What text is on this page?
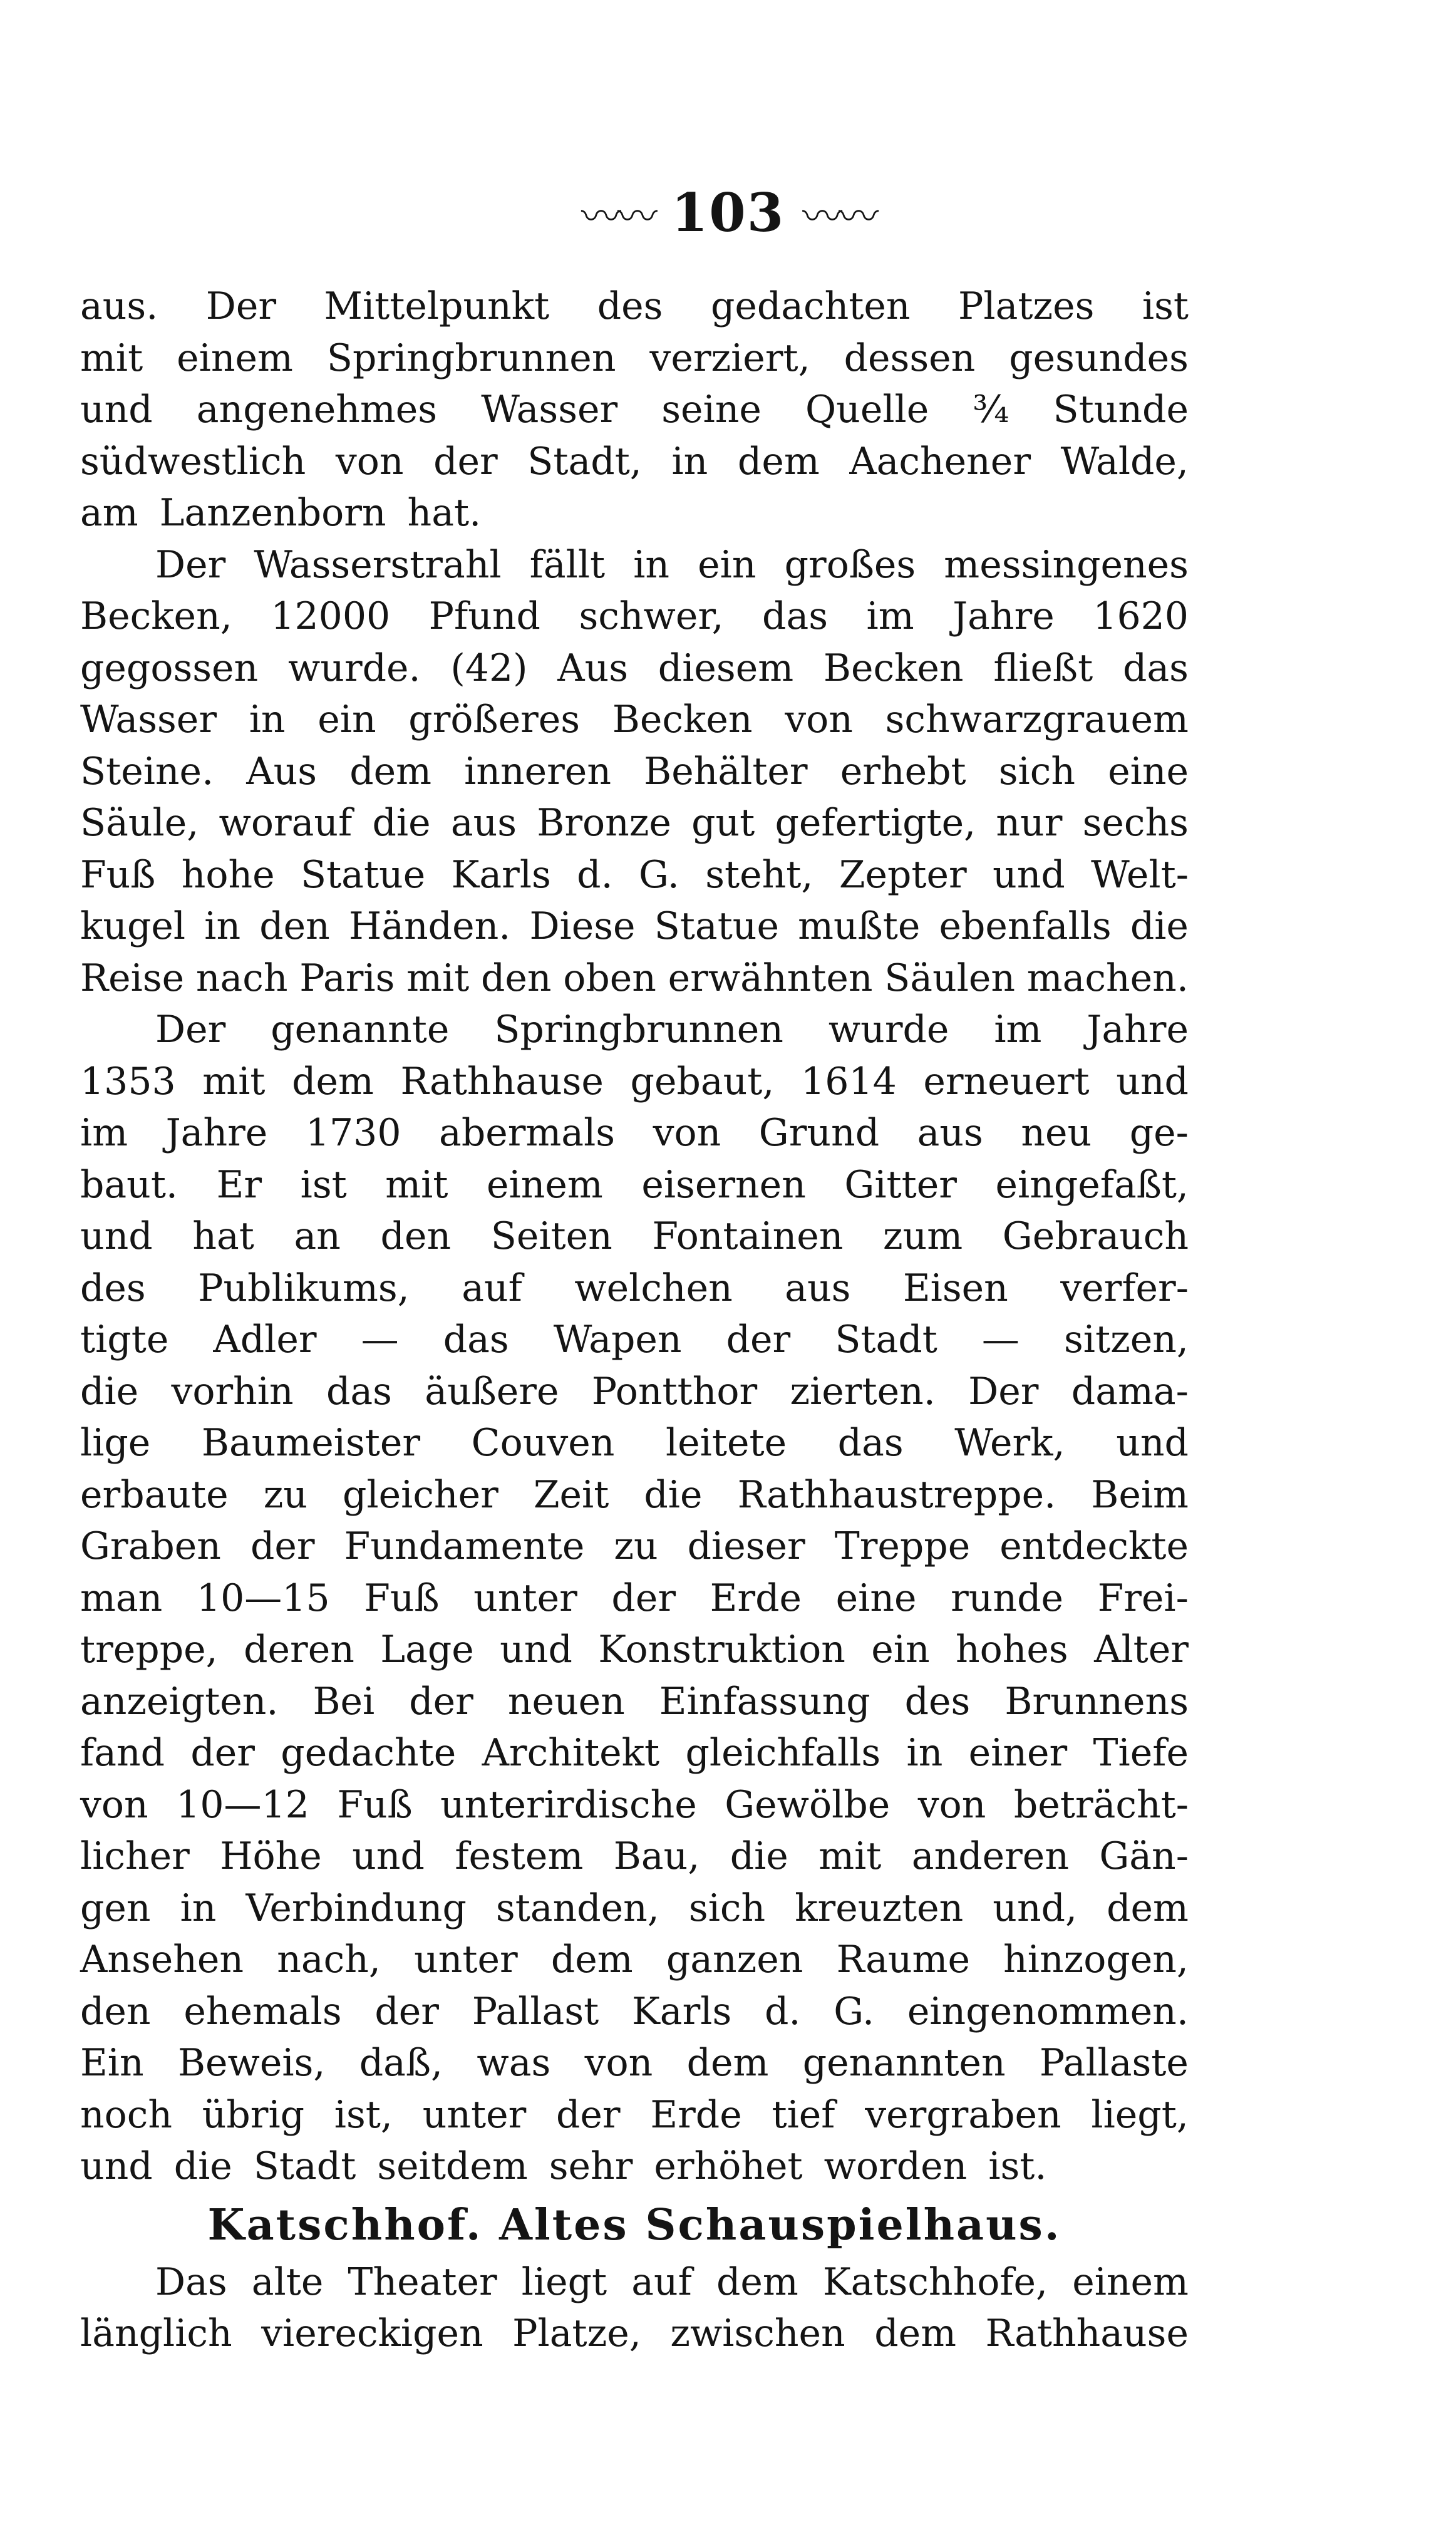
〰〰 103 〰〰
aus. Der Mittelpunkt des gedachten Platzes ist
mit einem Springbrunnen verziert, dessen gesundes
und angenehmes Wasser seine Quelle ¾ Stunde
südwestlich von der Stadt, in dem Aachener Walde,
am Lanzenborn hat.
Der Wasserstrahl fällt in ein großes messingenes
Becken, 12000 Pfund schwer, das im Jahre 1620
gegossen wurde. (42) Aus diesem Becken fließt das
Wasser in ein größeres Becken von schwarzgrauem
Steine. Aus dem inneren Behälter erhebt sich eine
Säule, worauf die aus Bronze gut gefertigte, nur sechs
Fuß hohe Statue Karls d. G. steht, Zepter und Welt-
kugel in den Händen. Diese Statue mußte ebenfalls die
Reise nach Paris mit den oben erwähnten Säulen machen.
Der genannte Springbrunnen wurde im Jahre
1353 mit dem Rathhause gebaut, 1614 erneuert und
im Jahre 1730 abermals von Grund aus neu ge-
baut. Er ist mit einem eisernen Gitter eingefaßt,
und hat an den Seiten Fontainen zum Gebrauch
des Publikums, auf welchen aus Eisen verfer-
tigte Adler — das Wapen der Stadt — sitzen,
die vorhin das äußere Pontthor zierten. Der dama-
lige Baumeister Couven leitete das Werk, und
erbaute zu gleicher Zeit die Rathhaustreppe. Beim
Graben der Fundamente zu dieser Treppe entdeckte
man 10—15 Fuß unter der Erde eine runde Frei-
treppe, deren Lage und Konstruktion ein hohes Alter
anzeigten. Bei der neuen Einfassung des Brunnens
fand der gedachte Architekt gleichfalls in einer Tiefe
von 10—12 Fuß unterirdische Gewölbe von beträcht-
licher Höhe und festem Bau, die mit anderen Gän-
gen in Verbindung standen, sich kreuzten und, dem
Ansehen nach, unter dem ganzen Raume hinzogen,
den ehemals der Pallast Karls d. G. eingenommen.
Ein Beweis, daß, was von dem genannten Pallaste
noch übrig ist, unter der Erde tief vergraben liegt,
und die Stadt seitdem sehr erhöhet worden ist.
Katschhof. Altes Schauspielhaus.
Das alte Theater liegt auf dem Katschhofe, einem
länglich viereckigen Platze, zwischen dem Rathhause
